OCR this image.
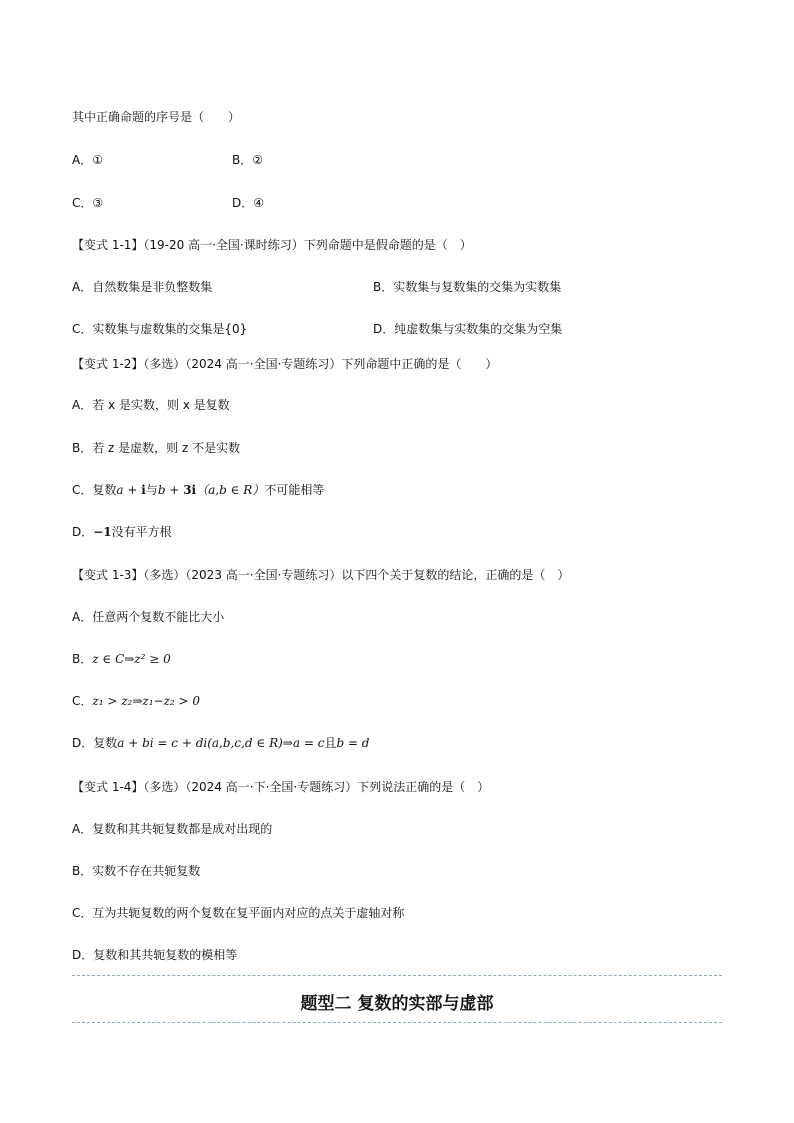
其中正确命题的序号是（　　）
A．①	B．②
C．③	D．④
【变式 1-1】（19-20 高一·全国·课时练习）下列命题中是假命题的是（　）
A．自然数集是非负整数集	B．实数集与复数集的交集为实数集
C．实数集与虚数集的交集是{0}	D．纯虚数集与实数集的交集为空集
【变式 1-2】（多选）（2024 高一·全国·专题练习）下列命题中正确的是（　　）
A．若 x 是实数，则 x 是复数
B．若 z 是虚数，则 z 不是实数
C．复数a + i与b + 3i（a,b ∈ R）不可能相等
D．−1没有平方根
【变式 1-3】（多选）（2023 高一·全国·专题练习）以下四个关于复数的结论，正确的是（　）
A．任意两个复数不能比大小
B．z ∈ C⇒z² ≥ 0
C．z₁ > z₂⇒z₁−z₂ > 0
D．复数a + bi = c + di(a,b,c,d ∈ R)⇒a = c且b = d
【变式 1-4】（多选）（2024 高一·下·全国·专题练习）下列说法正确的是（　）
A．复数和其共轭复数都是成对出现的
B．实数不存在共轭复数
C．互为共轭复数的两个复数在复平面内对应的点关于虚轴对称
D．复数和其共轭复数的模相等
题型二 复数的实部与虚部
